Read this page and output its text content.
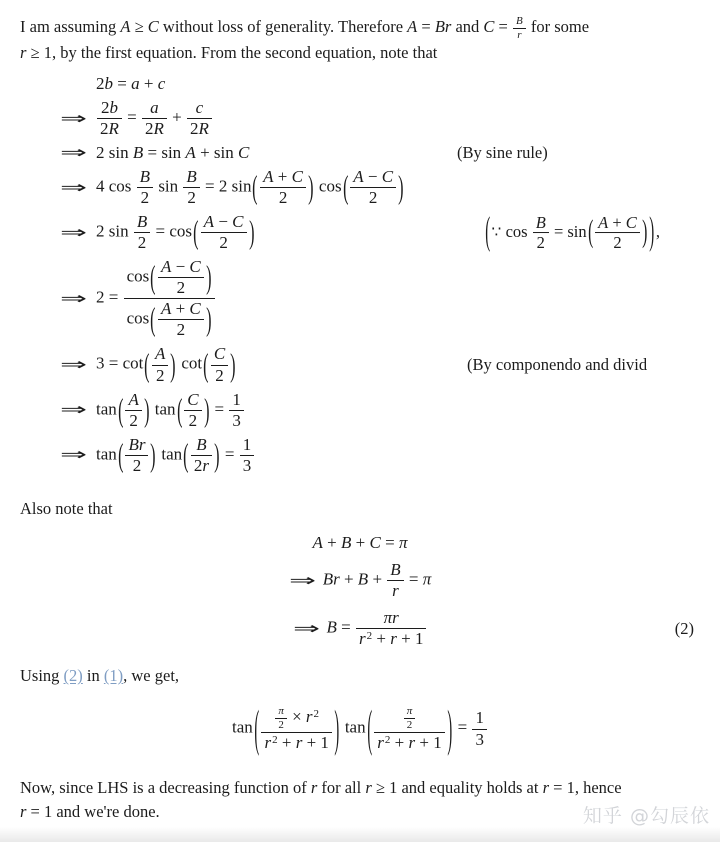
I am assuming A ≥ C without loss of generality. Therefore A = Br and $C = \frac{B}{r}$ for some
r ≥ 1, by the first equation. From the second equation, note that

2b = a + c
⇒ $\frac{2b}{2R} = \frac{a}{2R} + \frac{c}{2R}$
⇒ 2 sin B = sin A + sin C	(By sine rule)
⇒ 4 $\cos \frac{B}{2}$ $\sin \frac{B}{2} = 2$ sin ( $\frac{A + C}{2}$ ) cos ( $\frac{A - C}{2}$ )
⇒ 2 $\sin \frac{B}{2} = \cos$ ( $\frac{A - C}{2}$ )	( ∵ $\cos \frac{B}{2} = \sin$ ( $\frac{A + C}{2}$ ) ) ,
⇒ $2 = \frac{\cos ( \frac{A - C}{2} )}{\cos ( \frac{A + C}{2} )}$
⇒ 3 = cot ( $\frac{A}{2}$ ) cot ( $\frac{C}{2}$ )	(By componendo and divid
⇒ tan ( $\frac{A}{2}$ ) tan ( $\frac{C}{2}$ ) = $\frac{1}{3}$
⇒ tan ( $\frac{Br}{2}$ ) tan ( $\frac{B}{2r}$ ) = $\frac{1}{3}$

Also note that

A + B + C = π
⇒ $Br + B + \frac{B}{r} = \pi$
⇒ $B = \frac{\pi r}{r^2 + r + 1}$	(2)

Using (2) in (1), we get,

tan ( $\frac{\frac{\pi}{2} \times r^2}{r^2 + r + 1}$ ) tan ( $\frac{\frac{\pi}{2}}{r^2 + r + 1}$ ) = $\frac{1}{3}$

Now, since LHS is a decreasing function of r for all r ≥ 1 and equality holds at r = 1, hence
r = 1 and we're done.	知乎 @勾辰依
